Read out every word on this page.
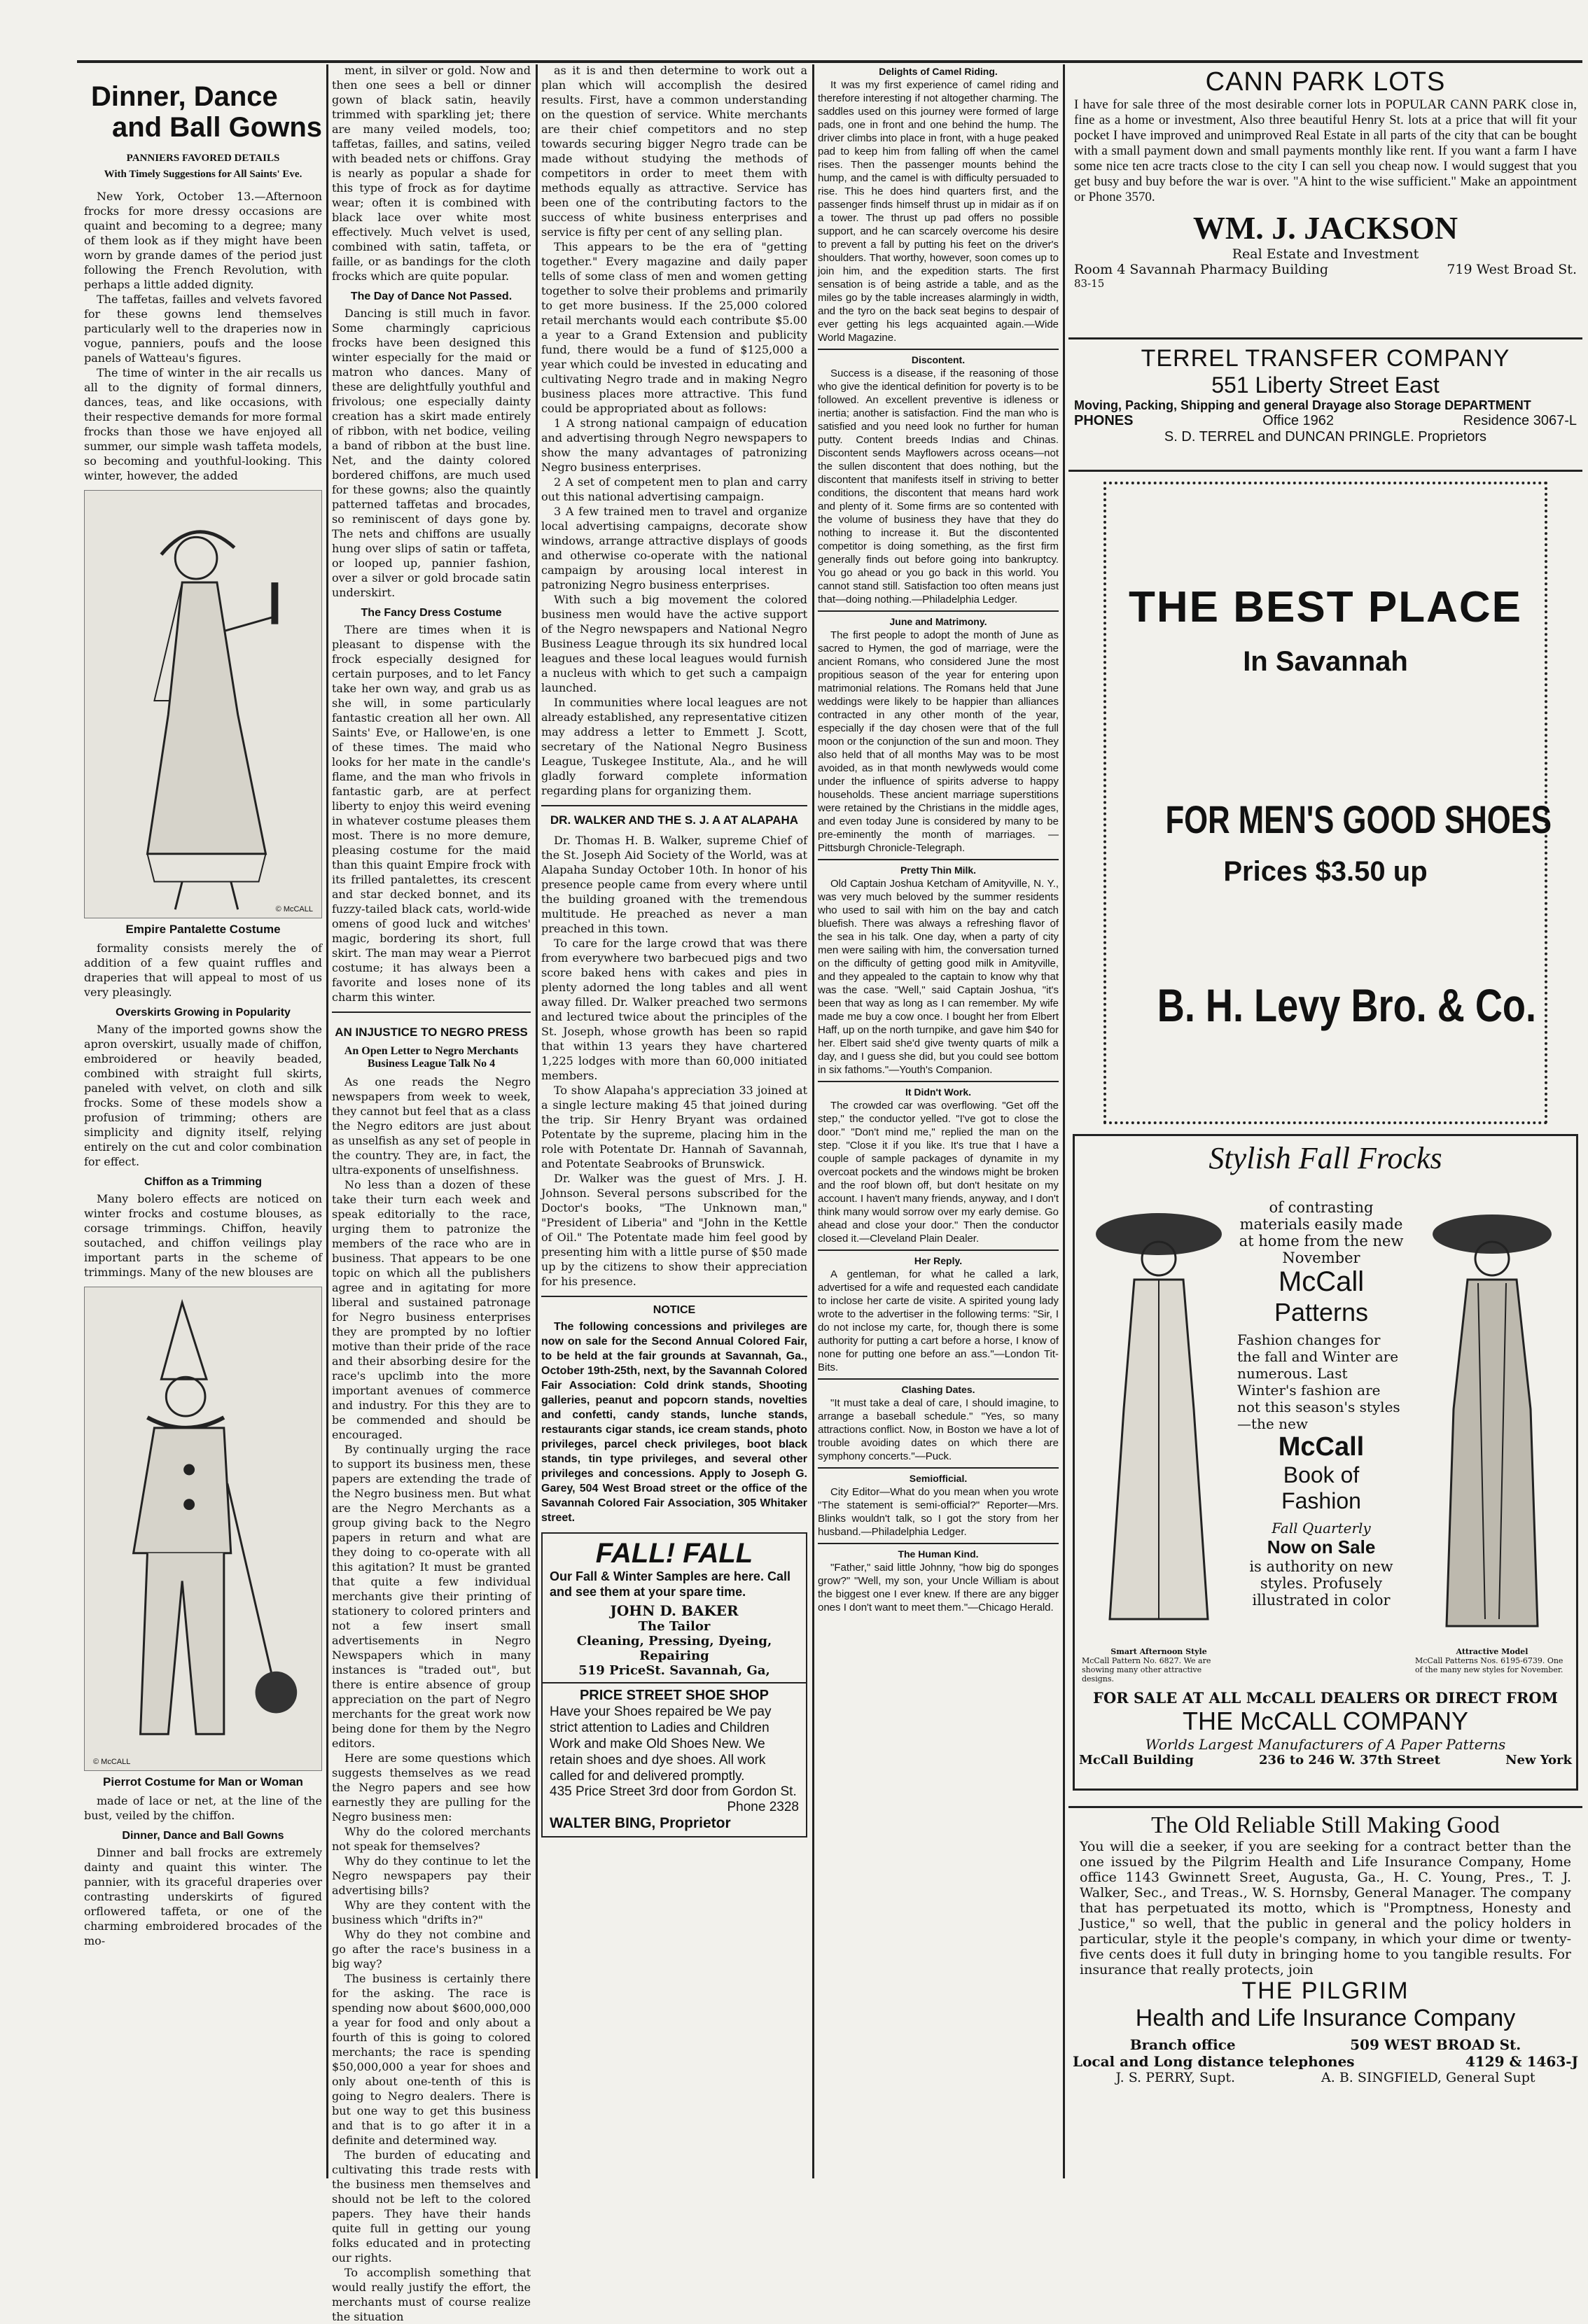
Dinner, Dance
and Ball Gowns
PANNIERS FAVORED DETAILS
With Timely Suggestions for All Saints' Eve.

New York, October 13.—Afternoon frocks for more dressy occasions are quaint and becoming to a degree; many of them look as if they might have been worn by grande dames of the period just following the French Revolution, with perhaps a little added dignity.

The taffetas, failles and velvets favored for these gowns lend themselves particularly well to the draperies now in vogue, panniers, poufs and the loose panels of Watteau's figures.

The time of winter in the air recalls us all to the dignity of formal dinners, dances, teas, and like occasions, with their respective demands for more formal frocks than those we have enjoyed all summer, our simple wash taffeta models, so becoming and youthful-looking. This winter, however, the added

© McCALL
Empire Pantalette Costume

formality consists merely the of addition of a few quaint ruffles and draperies that will appeal to most of us very pleasingly.

Overskirts Growing in Popularity

Many of the imported gowns show the apron overskirt, usually made of chiffon, embroidered or heavily beaded, combined with straight full skirts, paneled with velvet, on cloth and silk frocks. Some of these models show a profusion of trimming; others are simplicity and dignity itself, relying entirely on the cut and color combination for effect.

Chiffon as a Trimming

Many bolero effects are noticed on winter frocks and costume blouses, as corsage trimmings. Chiffon, heavily soutached, and chiffon veilings play important parts in the scheme of trimmings. Many of the new blouses are

© McCALL
Pierrot Costume for Man or Woman

made of lace or net, at the line of the bust, veiled by the chiffon.

Dinner, Dance and Ball Gowns

Dinner and ball frocks are extremely dainty and quaint this winter. The pannier, with its graceful draperies over contrasting underskirts of figured orflowered taffeta, or one of the charming embroidered brocades of the mo-

ment, in silver or gold. Now and then one sees a bell or dinner gown of black satin, heavily trimmed with sparkling jet; there are many veiled models, too; taffetas, failles, and satins, veiled with beaded nets or chiffons. Gray is nearly as popular a shade for this type of frock as for daytime wear; often it is combined with black lace over white most effectively. Much velvet is used, combined with satin, taffeta, or faille, or as bandings for the cloth frocks which are quite popular.

The Day of Dance Not Passed.

Dancing is still much in favor. Some charmingly capricious frocks have been designed this winter especially for the maid or matron who dances. Many of these are delightfully youthful and frivolous; one especially dainty creation has a skirt made entirely of ribbon, with net bodice, veiling a band of ribbon at the bust line. Net, and the dainty colored bordered chiffons, are much used for these gowns; also the quaintly patterned taffetas and brocades, so reminiscent of days gone by. The nets and chiffons are usually hung over slips of satin or taffeta, or looped up, pannier fashion, over a silver or gold brocade satin underskirt.

The Fancy Dress Costume

There are times when it is pleasant to dispense with the frock especially designed for certain purposes, and to let Fancy take her own way, and grab us as she will, in some particularly fantastic creation all her own. All Saints' Eve, or Hallowe'en, is one of these times. The maid who looks for her mate in the candle's flame, and the man who frivols in fantastic garb, are at perfect liberty to enjoy this weird evening in whatever costume pleases them most. There is no more demure, pleasing costume for the maid than this quaint Empire frock with its frilled pantalettes, its crescent and star decked bonnet, and its fuzzy-tailed black cats, world-wide omens of good luck and witches' magic, bordering its short, full skirt. The man may wear a Pierrot costume; it has always been a favorite and loses none of its charm this winter.

AN INJUSTICE TO NEGRO PRESS
An Open Letter to Negro Merchants Business League Talk No 4

As one reads the Negro newspapers from week to week, they cannot but feel that as a class the Negro editors are just about as unselfish as any set of people in the country. They are, in fact, the ultra-exponents of unselfishness.

No less than a dozen of these take their turn each week and speak editorially to the race, urging them to patronize the members of the race who are in business. That appears to be one topic on which all the publishers agree and in agitating for more liberal and sustained patronage for Negro business enterprises they are prompted by no loftier motive than their pride of the race and their absorbing desire for the race's upclimb into the more important avenues of commerce and industry. For this they are to be commended and should be encouraged.

By continually urging the race to support its business men, these papers are extending the trade of the Negro business men. But what are the Negro Merchants as a group giving back to the Negro papers in return and what are they doing to co-operate with all this agitation? It must be granted that quite a few individual merchants give their printing of stationery to colored printers and not a few insert small advertisements in Negro Newspapers which in many instances is "traded out", but there is entire absence of group appreciation on the part of Negro merchants for the great work now being done for them by the Negro editors.

Here are some questions which suggests themselves as we read the Negro papers and see how earnestly they are pulling for the Negro business men:

Why do the colored merchants not speak for themselves?

Why do they continue to let the Negro newspapers pay their advertising bills?

Why are they content with the business which "drifts in?"

Why do they not combine and go after the race's business in a big way?

The business is certainly there for the asking. The race is spending now about $600,000,000 a year for food and only about a fourth of this is going to colored merchants; the race is spending $50,000,000 a year for shoes and only about one-tenth of this is going to Negro dealers. There is but one way to get this business and that is to go after it in a definite and determined way.

The burden of educating and cultivating this trade rests with the business men themselves and should not be left to the colored papers. They have their hands quite full in getting our young folks educated and in protecting our rights.

To accomplish something that would really justify the effort, the merchants must of course realize the situation

as it is and then determine to work out a plan which will accomplish the desired results. First, have a common understanding on the question of service. White merchants are their chief competitors and no step towards securing bigger Negro trade can be made without studying the methods of competitors in order to meet them with methods equally as attractive. Service has been one of the contributing factors to the success of white business enterprises and service is fifty per cent of any selling plan.

This appears to be the era of "getting together." Every magazine and daily paper tells of some class of men and women getting together to solve their problems and primarily to get more business. If the 25,000 colored retail merchants would each contribute $5.00 a year to a Grand Extension and publicity fund, there would be a fund of $125,000 a year which could be invested in educating and cultivating Negro trade and in making Negro business places more attractive. This fund could be appropriated about as follows:

1 A strong national campaign of education and advertising through Negro newspapers to show the many advantages of patronizing Negro business enterprises.

2 A set of competent men to plan and carry out this national advertising campaign.

3 A few trained men to travel and organize local advertising campaigns, decorate show windows, arrange attractive displays of goods and otherwise co-operate with the national campaign by arousing local interest in patronizing Negro business enterprises.

With such a big movement the colored business men would have the active support of the Negro newspapers and National Negro Business League through its six hundred local leagues and these local leagues would furnish a nucleus with which to get such a campaign launched.

In communities where local leagues are not already established, any representative citizen may address a letter to Emmett J. Scott, secretary of the National Negro Business League, Tuskegee Institute, Ala., and he will gladly forward complete information regarding plans for organizing them.

DR. WALKER AND THE S. J. A AT ALAPAHA

Dr. Thomas H. B. Walker, supreme Chief of the St. Joseph Aid Society of the World, was at Alapaha Sunday October 10th. In honor of his presence people came from every where until the building groaned with the tremendous multitude. He preached as never a man preached in this town.

To care for the large crowd that was there from everywhere two barbecued pigs and two score baked hens with cakes and pies in plenty adorned the long tables and all went away filled. Dr. Walker preached two sermons and lectured twice about the principles of the St. Joseph, whose growth has been so rapid that within 13 years they have chartered 1,225 lodges with more than 60,000 initiated members.

To show Alapaha's appreciation 33 joined at a single lecture making 45 that joined during the trip. Sir Henry Bryant was ordained Potentate by the supreme, placing him in the role with Potentate Dr. Hannah of Savannah, and Potentate Seabrooks of Brunswick.

Dr. Walker was the guest of Mrs. J. H. Johnson. Several persons subscribed for the Doctor's books, "The Unknown man," "President of Liberia" and "John in the Kettle of Oil." The Potentate made him feel good by presenting him with a little purse of $50 made up by the citizens to show their appreciation for his presence.

NOTICE

The following concessions and privileges are now on sale for the Second Annual Colored Fair, to be held at the fair grounds at Savannah, Ga., October 19th-25th, next, by the Savannah Colored Fair Association: Cold drink stands, Shooting galleries, peanut and popcorn stands, novelties and confetti, candy stands, lunche stands, restaurants cigar stands, ice cream stands, photo privileges, parcel check privileges, boot black stands, tin type privileges, and several other privileges and concessions. Apply to Joseph G. Garey, 504 West Broad street or the office of the Savannah Colored Fair Association, 305 Whitaker street.

FALL! FALL
Our Fall & Winter Samples are here. Call and see them at your spare time.
JOHN D. BAKER
The Tailor
Cleaning, Pressing, Dyeing, Repairing
519 PriceSt. Savannah, Ga,
PRICE STREET SHOE SHOP
Have your Shoes repaired be We pay strict attention to Ladies and Children Work and make Old Shoes New. We retain shoes and dye shoes. All work called for and delivered promptly.
435 Price Street 3rd door from Gordon St.
Phone 2328
WALTER BING, Proprietor
Delights of Camel Riding.

It was my first experience of camel riding and therefore interesting if not altogether charming. The saddles used on this journey were formed of large pads, one in front and one behind the hump. The driver climbs into place in front, with a huge peaked pad to keep him from falling off when the camel rises. Then the passenger mounts behind the hump, and the camel is with difficulty persuaded to rise. This he does hind quarters first, and the passenger finds himself thrust up in midair as if on a tower. The thrust up pad offers no possible support, and he can scarcely overcome his desire to prevent a fall by putting his feet on the driver's shoulders. That worthy, however, soon comes up to join him, and the expedition starts. The first sensation is of being astride a table, and as the miles go by the table increases alarmingly in width, and the tyro on the back seat begins to despair of ever getting his legs acquainted again.—Wide World Magazine.

Discontent.

Success is a disease, if the reasoning of those who give the identical definition for poverty is to be followed. An excellent preventive is idleness or inertia; another is satisfaction. Find the man who is satisfied and you need look no further for human putty. Content breeds Indias and Chinas. Discontent sends Mayflowers across oceans—not the sullen discontent that does nothing, but the discontent that manifests itself in striving to better conditions, the discontent that means hard work and plenty of it. Some firms are so contented with the volume of business they have that they do nothing to increase it. But the discontented competitor is doing something, as the first firm generally finds out before going into bankruptcy. You go ahead or you go back in this world. You cannot stand still. Satisfaction too often means just that—doing nothing.—Philadelphia Ledger.

June and Matrimony.

The first people to adopt the month of June as sacred to Hymen, the god of marriage, were the ancient Romans, who considered June the most propitious season of the year for entering upon matrimonial relations. The Romans held that June weddings were likely to be happier than alliances contracted in any other month of the year, especially if the day chosen were that of the full moon or the conjunction of the sun and moon. They also held that of all months May was to be most avoided, as in that month newlyweds would come under the influence of spirits adverse to happy households. These ancient marriage superstitions were retained by the Christians in the middle ages, and even today June is considered by many to be pre-eminently the month of marriages. — Pittsburgh Chronicle-Telegraph.

Pretty Thin Milk.

Old Captain Joshua Ketcham of Amityville, N. Y., was very much beloved by the summer residents who used to sail with him on the bay and catch bluefish. There was always a refreshing flavor of the sea in his talk. One day, when a party of city men were sailing with him, the conversation turned on the difficulty of getting good milk in Amityville, and they appealed to the captain to know why that was the case. "Well," said Captain Joshua, "it's been that way as long as I can remember. My wife made me buy a cow once. I bought her from Elbert Haff, up on the north turnpike, and gave him $40 for her. Elbert said she'd give twenty quarts of milk a day, and I guess she did, but you could see bottom in six fathoms."—Youth's Companion.

It Didn't Work.

The crowded car was overflowing. "Get off the step," the conductor yelled. "I've got to close the door." "Don't mind me," replied the man on the step. "Close it if you like. It's true that I have a couple of sample packages of dynamite in my overcoat pockets and the windows might be broken and the roof blown off, but don't hesitate on my account. I haven't many friends, anyway, and I don't think many would sorrow over my early demise. Go ahead and close your door." Then the conductor closed it.—Cleveland Plain Dealer.

Her Reply.

A gentleman, for what he called a lark, advertised for a wife and requested each candidate to inclose her carte de visite. A spirited young lady wrote to the advertiser in the following terms: "Sir, I do not inclose my carte, for, though there is some authority for putting a cart before a horse, I know of none for putting one before an ass."—London Tit-Bits.

Clashing Dates.

"It must take a deal of care, I should imagine, to arrange a baseball schedule." "Yes, so many attractions conflict. Now, in Boston we have a lot of trouble avoiding dates on which there are symphony concerts."—Puck.

Semiofficial.

City Editor—What do you mean when you wrote "The statement is semi-official?" Reporter—Mrs. Blinks wouldn't talk, so I got the story from her husband.—Philadelphia Ledger.

The Human Kind.

"Father," said little Johnny, "how big do sponges grow?" "Well, my son, your Uncle William is about the biggest one I ever knew. If there are any bigger ones I don't want to meet them."—Chicago Herald.

CANN PARK LOTS
I have for sale three of the most desirable corner lots in POPULAR CANN PARK close in, fine as a home or investment, Also three beautiful Henry St. lots at a price that will fit your pocket I have improved and unimproved Real Estate in all parts of the city that can be bought with a small payment down and small payments monthly like rent. If you want a farm I have some nice ten acre tracts close to the city I can sell you cheap now. I would suggest that you get busy and buy before the war is over. "A hint to the wise sufficient." Make an appointment or Phone 3570.
WM. J. JACKSON
Real Estate and Investment
Room 4 Savannah Pharmacy Building	719 West Broad St.
83-15
TERREL TRANSFER COMPANY
551 Liberty Street East
Moving, Packing, Shipping and general Drayage also Storage DEPARTMENT
PHONES	Office 1962	Residence 3067-L
S. D. TERREL and DUNCAN PRINGLE. Proprietors
THE BEST PLACE
In Savannah
FOR MEN'S GOOD SHOES
Prices $3.50 up
B. H. Levy Bro. & Co.
Stylish Fall Frocks
of contrasting materials easily made at home from the new November
McCall
Patterns
Fashion changes for the fall and Winter are numerous. Last Winter's fashion are not this season's styles —the new
McCall
Book of
Fashion
Fall Quarterly
Now on Sale
is authority on new styles. Profusely illustrated in color
Smart Afternoon Style
McCall Pattern No. 6827. We are showing many other attractive designs.
Attractive Model
McCall Patterns Nos. 6195-6739. One of the many new styles for November.
FOR SALE AT ALL McCALL DEALERS OR DIRECT FROM
THE McCALL COMPANY
Worlds Largest Manufacturers of A Paper Patterns
McCall Building	236 to 246 W. 37th Street	New York
The Old Reliable Still Making Good
You will die a seeker, if you are seeking for a contract better than the one issued by the Pilgrim Health and Life Insurance Company, Home office 1143 Gwinnett Sreet, Augusta, Ga., H. C. Young, Pres., T. J. Walker, Sec., and Treas., W. S. Hornsby, General Manager. The company that has perpetuated its motto, which is "Promptness, Honesty and Justice," so well, that the public in general and the policy holders in particular, style it the people's company, in which your dime or twenty-five cents does it full duty in bringing home to you tangible results. For insurance that really protects, join
THE PILGRIM
Health and Life Insurance Company
Branch office	509 WEST BROAD St.
Local and Long distance telephones	4129 & 1463-J
J. S. PERRY, Supt.	A. B. SINGFIELD, General Supt
